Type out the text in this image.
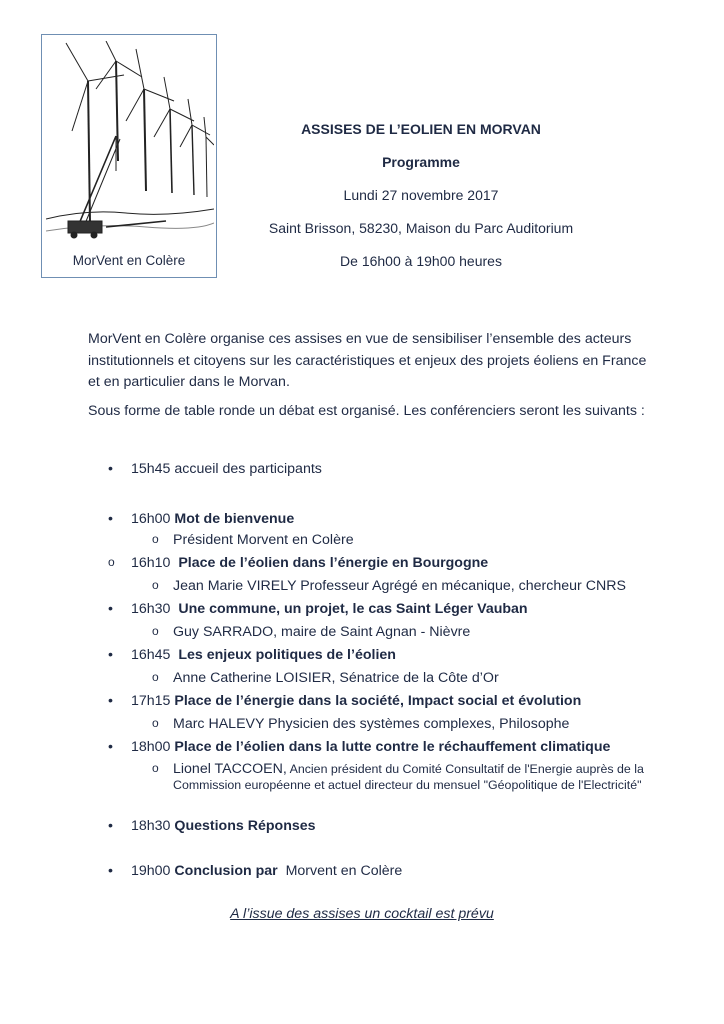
MorVent en Colère
ASSISES DE L’EOLIEN EN MORVAN
Programme
Lundi 27 novembre 2017
Saint Brisson, 58230, Maison du Parc Auditorium
De 16h00 à 19h00 heures

MorVent en Colère organise ces assises en vue de sensibiliser l’ensemble des acteurs institutionnels et citoyens sur les caractéristiques et enjeux des projets éoliens en France et en particulier dans le Morvan.

Sous forme de table ronde un débat est organisé. Les conférenciers seront les suivants :

•	15h45 accueil des participants
•	16h00 Mot de bienvenue
o	Président Morvent en Colère
o	16h10 Place de l’éolien dans l’énergie en Bourgogne
o	Jean Marie VIRELY Professeur Agrégé en mécanique, chercheur CNRS
•	16h30 Une commune, un projet, le cas Saint Léger Vauban
o	Guy SARRADO, maire de Saint Agnan - Nièvre
•	16h45 Les enjeux politiques de l’éolien
o	Anne Catherine LOISIER, Sénatrice de la Côte d’Or
•	17h15 Place de l’énergie dans la société, Impact social et évolution
o	Marc HALEVY Physicien des systèmes complexes, Philosophe
•	18h00 Place de l’éolien dans la lutte contre le réchauffement climatique
o	Lionel TACCOEN, Ancien président du Comité Consultatif de l'Energie auprès de la Commission européenne et actuel directeur du mensuel "Géopolitique de l'Electricité"
•	18h30 Questions Réponses
•	19h00 Conclusion par Morvent en Colère
A l’issue des assises un cocktail est prévu
